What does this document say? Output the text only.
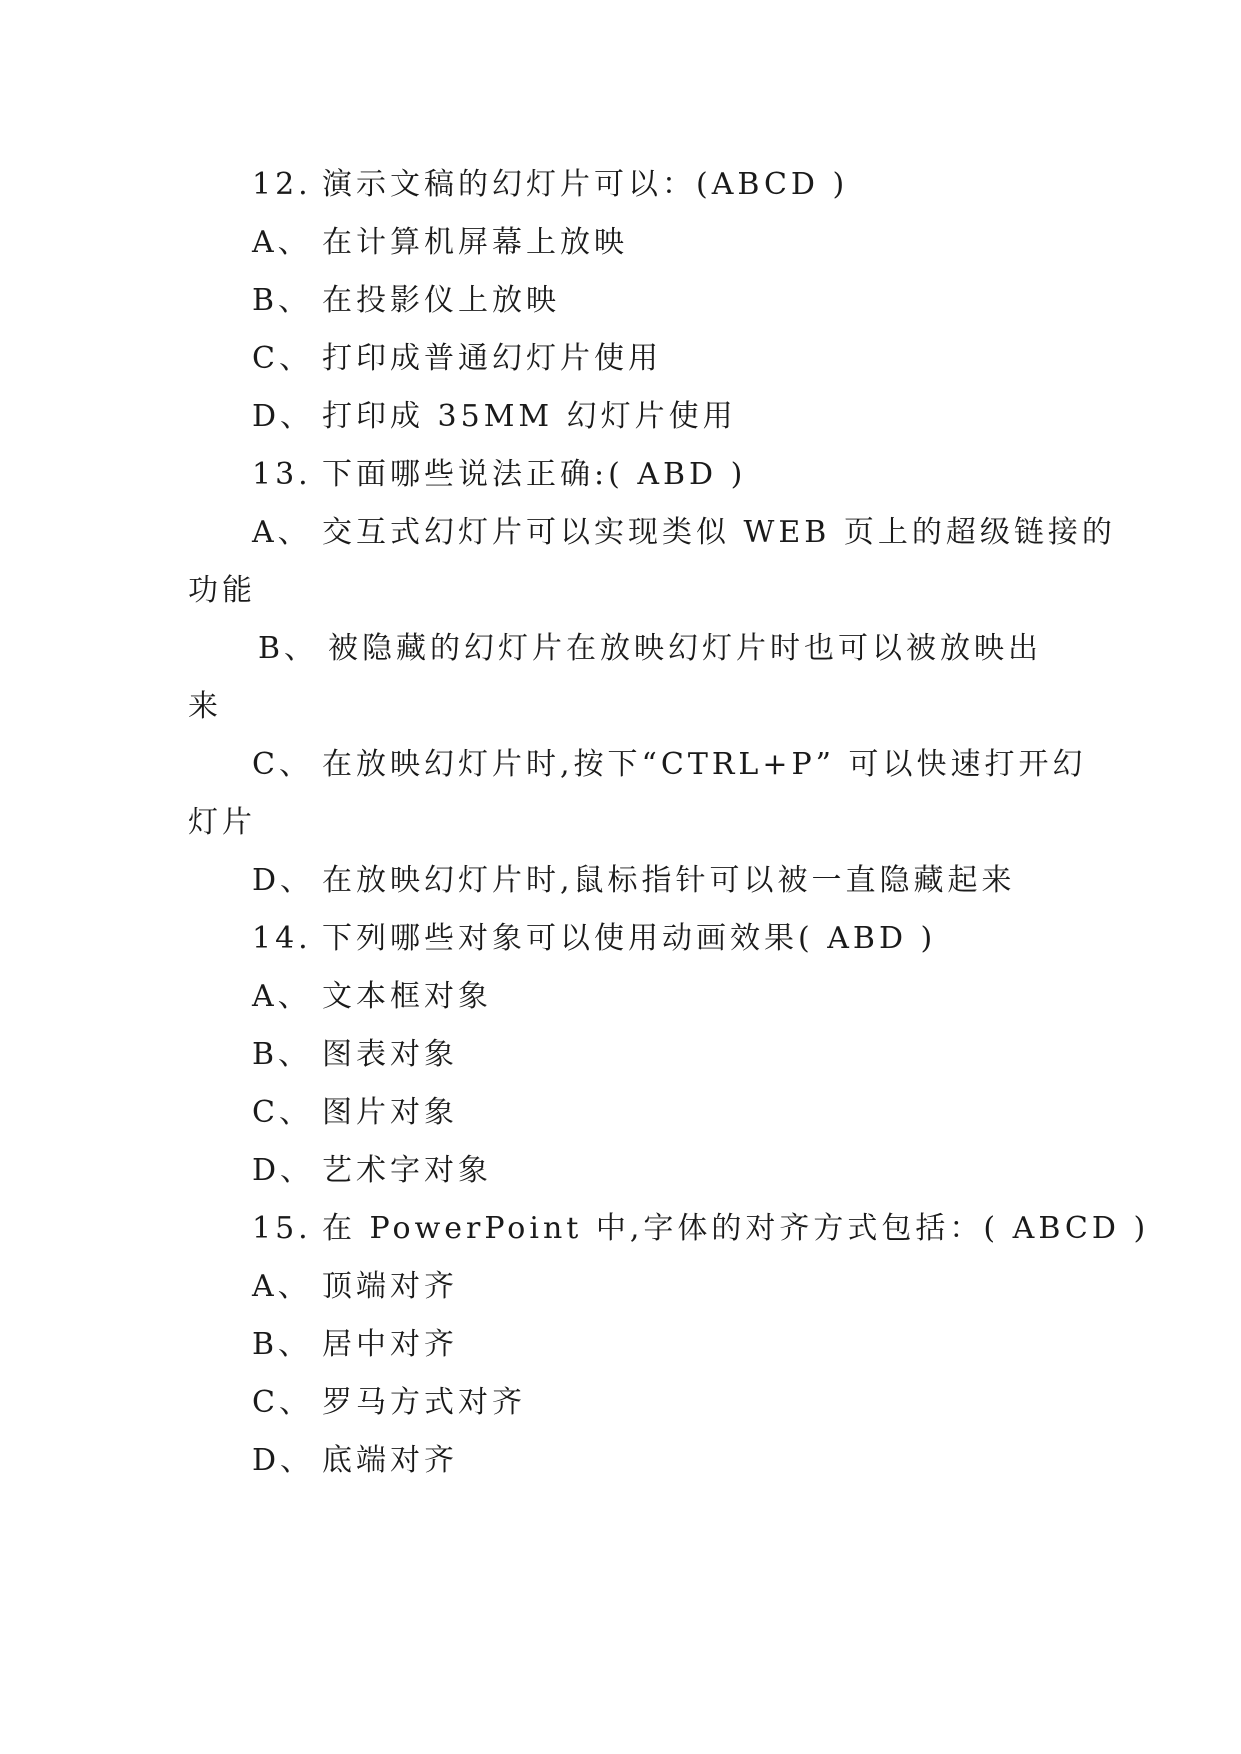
12. 演示文稿的幻灯片可以：(ABCD )
A、 在计算机屏幕上放映
B、 在投影仪上放映
C、 打印成普通幻灯片使用
D、 打印成 35MM 幻灯片使用
13. 下面哪些说法正确:( ABD )
A、 交互式幻灯片可以实现类似 WEB 页上的超级链接的
功能
B、 被隐藏的幻灯片在放映幻灯片时也可以被放映出
来
C、 在放映幻灯片时,按下“CTRL+P” 可以快速打开幻
灯片
D、 在放映幻灯片时,鼠标指针可以被一直隐藏起来
14. 下列哪些对象可以使用动画效果( ABD )
A、 文本框对象
B、 图表对象
C、 图片对象
D、 艺术字对象
15. 在 PowerPoint 中,字体的对齐方式包括：( ABCD )
A、 顶端对齐
B、 居中对齐
C、 罗马方式对齐
D、 底端对齐
